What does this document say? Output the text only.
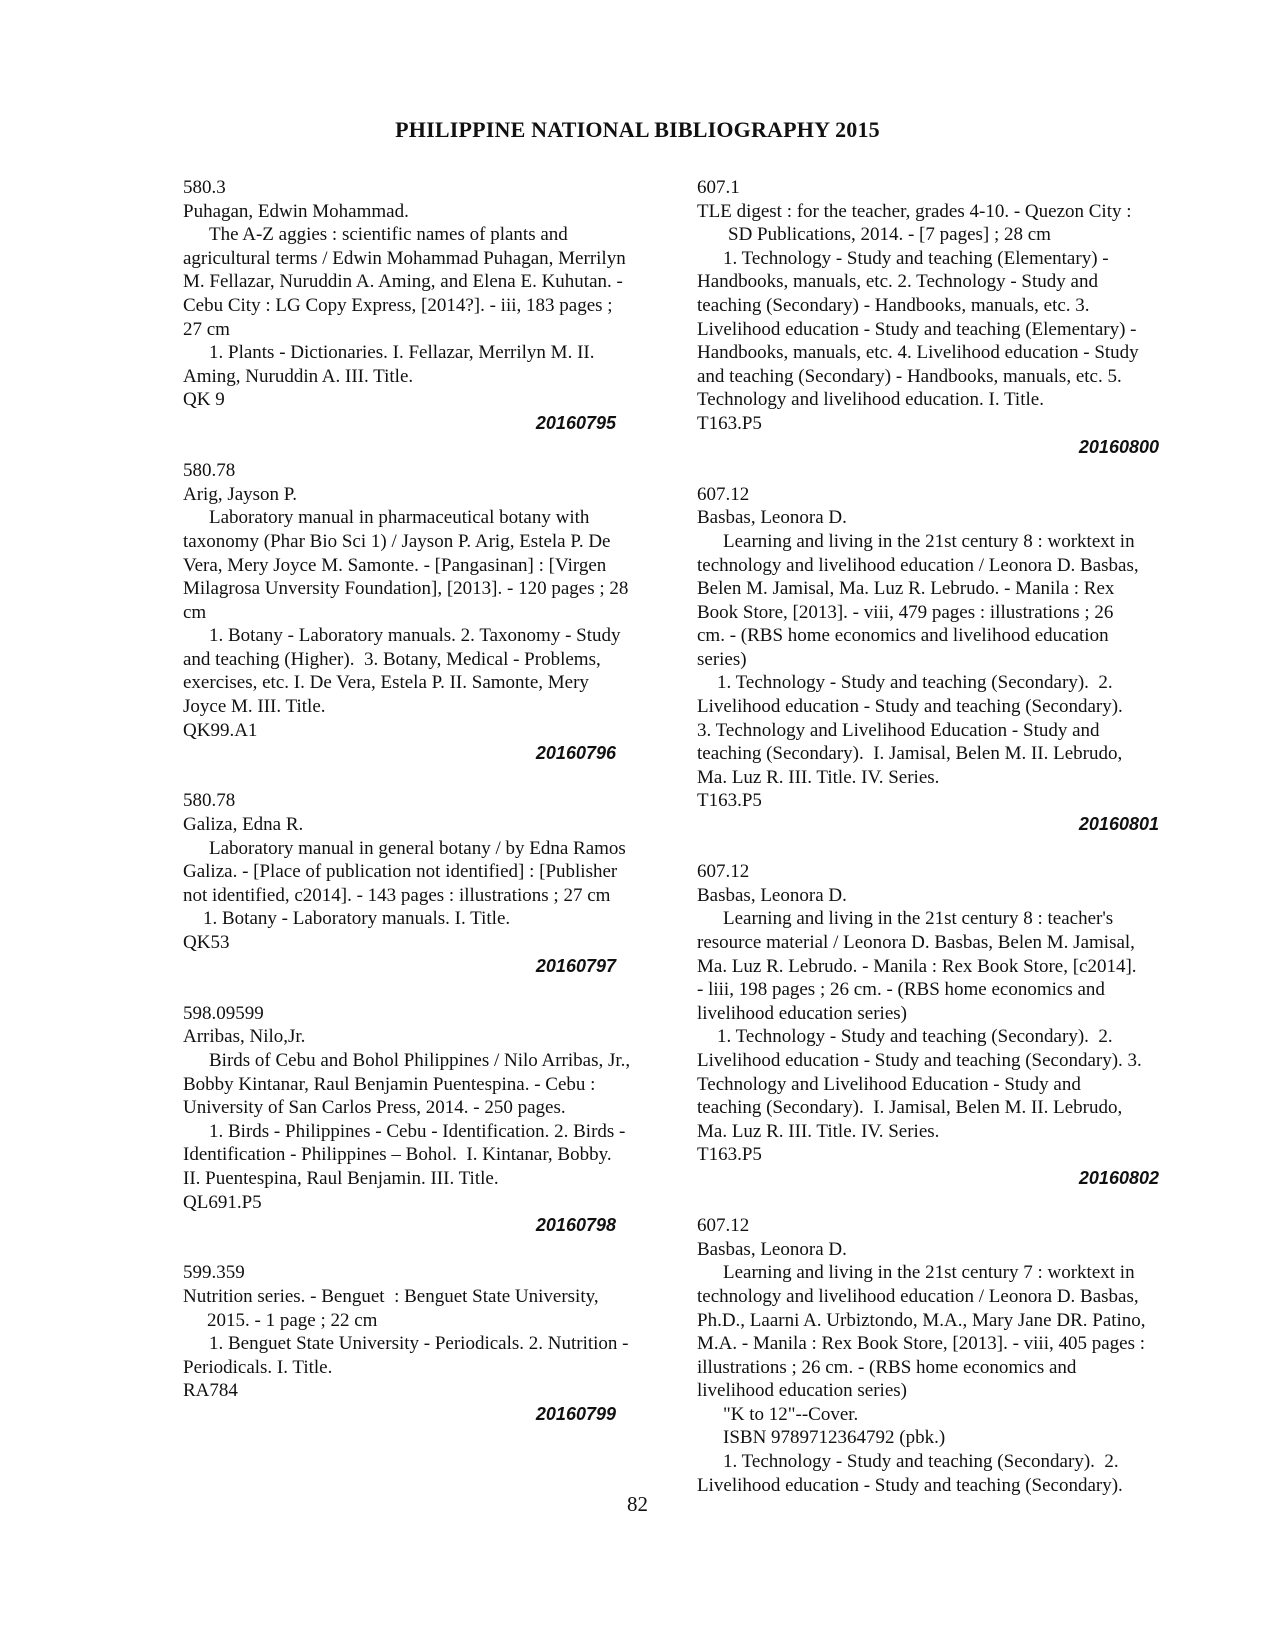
PHILIPPINE NATIONAL BIBLIOGRAPHY 2015
580.3
Puhagan, Edwin Mohammad.
The A-Z aggies : scientific names of plants and
agricultural terms / Edwin Mohammad Puhagan, Merrilyn
M. Fellazar, Nuruddin A. Aming, and Elena E. Kuhutan. -
Cebu City : LG Copy Express, [2014?]. - iii, 183 pages ;
27 cm
1. Plants - Dictionaries. I. Fellazar, Merrilyn M. II.
Aming, Nuruddin A. III. Title.
QK 9
20160795
580.78
Arig, Jayson P.
Laboratory manual in pharmaceutical botany with
taxonomy (Phar Bio Sci 1) / Jayson P. Arig, Estela P. De
Vera, Mery Joyce M. Samonte. - [Pangasinan] : [Virgen
Milagrosa Unversity Foundation], [2013]. - 120 pages ; 28
cm
1. Botany - Laboratory manuals. 2. Taxonomy - Study
and teaching (Higher).  3. Botany, Medical - Problems,
exercises, etc. I. De Vera, Estela P. II. Samonte, Mery
Joyce M. III. Title.
QK99.A1
20160796
580.78
Galiza, Edna R.
Laboratory manual in general botany / by Edna Ramos
Galiza. - [Place of publication not identified] : [Publisher
not identified, c2014]. - 143 pages : illustrations ; 27 cm
1. Botany - Laboratory manuals. I. Title.
QK53
20160797
598.09599
Arribas, Nilo,Jr.
Birds of Cebu and Bohol Philippines / Nilo Arribas, Jr.,
Bobby Kintanar, Raul Benjamin Puentespina. - Cebu :
University of San Carlos Press, 2014. - 250 pages.
1. Birds - Philippines - Cebu - Identification. 2. Birds -
Identification - Philippines – Bohol.  I. Kintanar, Bobby.
II. Puentespina, Raul Benjamin. III. Title.
QL691.P5
20160798
599.359
Nutrition series. - Benguet  : Benguet State University,
2015. - 1 page ; 22 cm
1. Benguet State University - Periodicals. 2. Nutrition -
Periodicals. I. Title.
RA784
20160799
607.1
TLE digest : for the teacher, grades 4-10. - Quezon City :
SD Publications, 2014. - [7 pages] ; 28 cm
1. Technology - Study and teaching (Elementary) -
Handbooks, manuals, etc. 2. Technology - Study and
teaching (Secondary) - Handbooks, manuals, etc. 3.
Livelihood education - Study and teaching (Elementary) -
Handbooks, manuals, etc. 4. Livelihood education - Study
and teaching (Secondary) - Handbooks, manuals, etc. 5.
Technology and livelihood education. I. Title.
T163.P5
20160800
607.12
Basbas, Leonora D.
Learning and living in the 21st century 8 : worktext in
technology and livelihood education / Leonora D. Basbas,
Belen M. Jamisal, Ma. Luz R. Lebrudo. - Manila : Rex
Book Store, [2013]. - viii, 479 pages : illustrations ; 26
cm. - (RBS home economics and livelihood education
series)
1. Technology - Study and teaching (Secondary).  2.
Livelihood education - Study and teaching (Secondary).
3. Technology and Livelihood Education - Study and
teaching (Secondary).  I. Jamisal, Belen M. II. Lebrudo,
Ma. Luz R. III. Title. IV. Series.
T163.P5
20160801
607.12
Basbas, Leonora D.
Learning and living in the 21st century 8 : teacher's
resource material / Leonora D. Basbas, Belen M. Jamisal,
Ma. Luz R. Lebrudo. - Manila : Rex Book Store, [c2014].
- liii, 198 pages ; 26 cm. - (RBS home economics and
livelihood education series)
1. Technology - Study and teaching (Secondary).  2.
Livelihood education - Study and teaching (Secondary). 3.
Technology and Livelihood Education - Study and
teaching (Secondary).  I. Jamisal, Belen M. II. Lebrudo,
Ma. Luz R. III. Title. IV. Series.
T163.P5
20160802
607.12
Basbas, Leonora D.
Learning and living in the 21st century 7 : worktext in
technology and livelihood education / Leonora D. Basbas,
Ph.D., Laarni A. Urbiztondo, M.A., Mary Jane DR. Patino,
M.A. - Manila : Rex Book Store, [2013]. - viii, 405 pages :
illustrations ; 26 cm. - (RBS home economics and
livelihood education series)
"K to 12"--Cover.
ISBN 9789712364792 (pbk.)
1. Technology - Study and teaching (Secondary).  2.
Livelihood education - Study and teaching (Secondary).
82
